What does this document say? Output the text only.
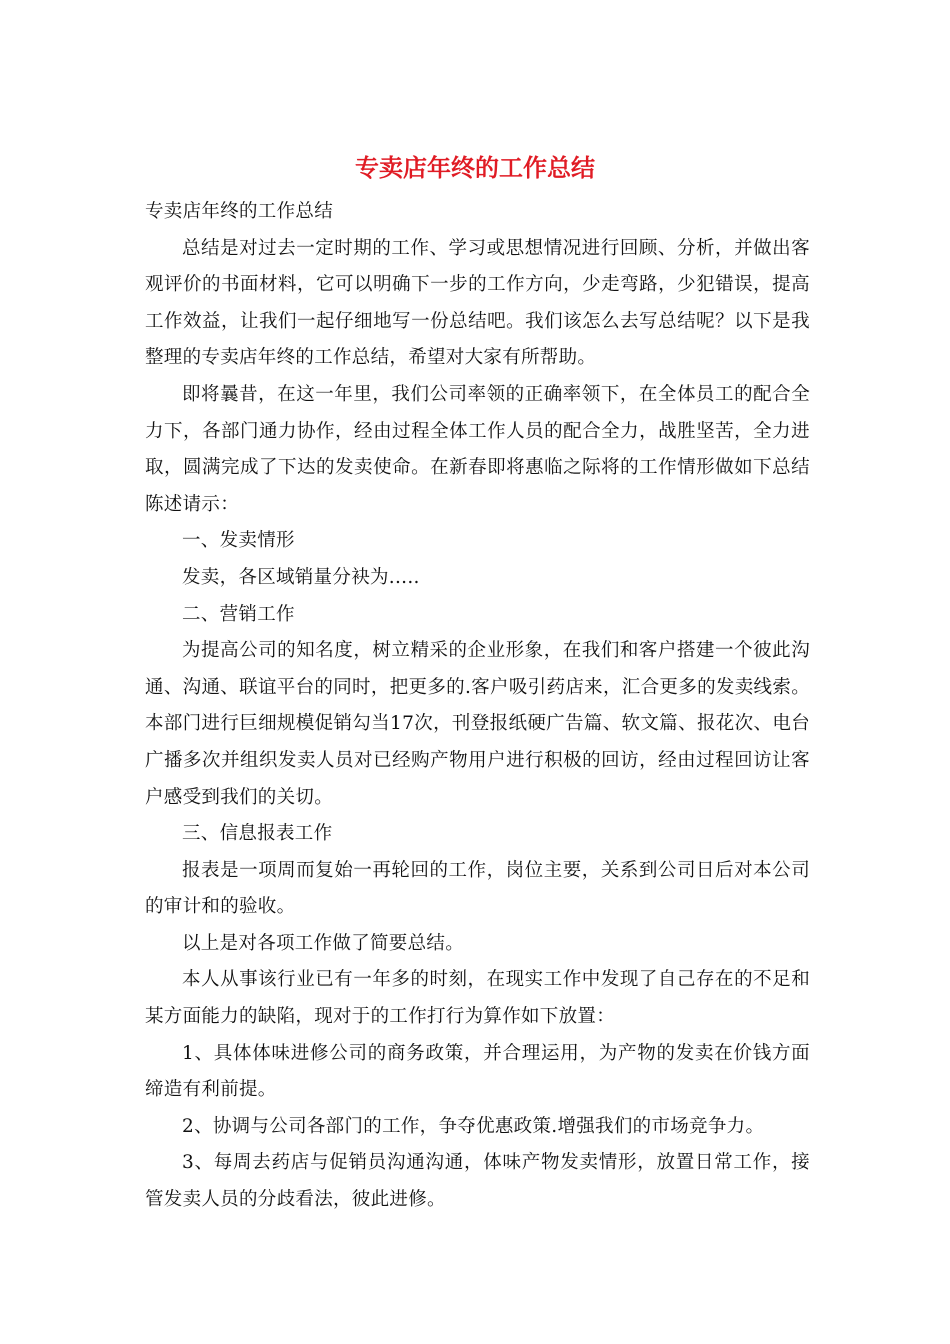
专卖店年终的工作总结

专卖店年终的工作总结

总结是对过去一定时期的工作、学习或思想情况进行回顾、分析，并做出客观评价的书面材料，它可以明确下一步的工作方向，少走弯路，少犯错误，提高工作效益，让我们一起仔细地写一份总结吧。我们该怎么去写总结呢？以下是我整理的专卖店年终的工作总结，希望对大家有所帮助。

即将曩昔，在这一年里，我们公司率领的正确率领下，在全体员工的配合全力下，各部门通力协作，经由过程全体工作人员的配合全力，战胜坚苦，全力进取，圆满完成了下达的发卖使命。在新春即将惠临之际将的工作情形做如下总结陈述请示：

一、发卖情形

发卖，各区域销量分袂为.....

二、营销工作

为提高公司的知名度，树立精采的企业形象，在我们和客户搭建一个彼此沟通、沟通、联谊平台的同时，把更多的.客户吸引药店来，汇合更多的发卖线索。本部门进行巨细规模促销勾当17次，刊登报纸硬广告篇、软文篇、报花次、电台广播多次并组织发卖人员对已经购产物用户进行积极的回访，经由过程回访让客户感受到我们的关切。

三、信息报表工作

报表是一项周而复始一再轮回的工作，岗位主要，关系到公司日后对本公司的审计和的验收。

以上是对各项工作做了简要总结。

本人从事该行业已有一年多的时刻，在现实工作中发现了自己存在的不足和某方面能力的缺陷，现对于的工作打行为算作如下放置：

1、具体体味进修公司的商务政策，并合理运用，为产物的发卖在价钱方面缔造有利前提。

2、协调与公司各部门的工作，争夺优惠政策.增强我们的市场竞争力。

3、每周去药店与促销员沟通沟通，体味产物发卖情形，放置日常工作，接管发卖人员的分歧看法，彼此进修。
